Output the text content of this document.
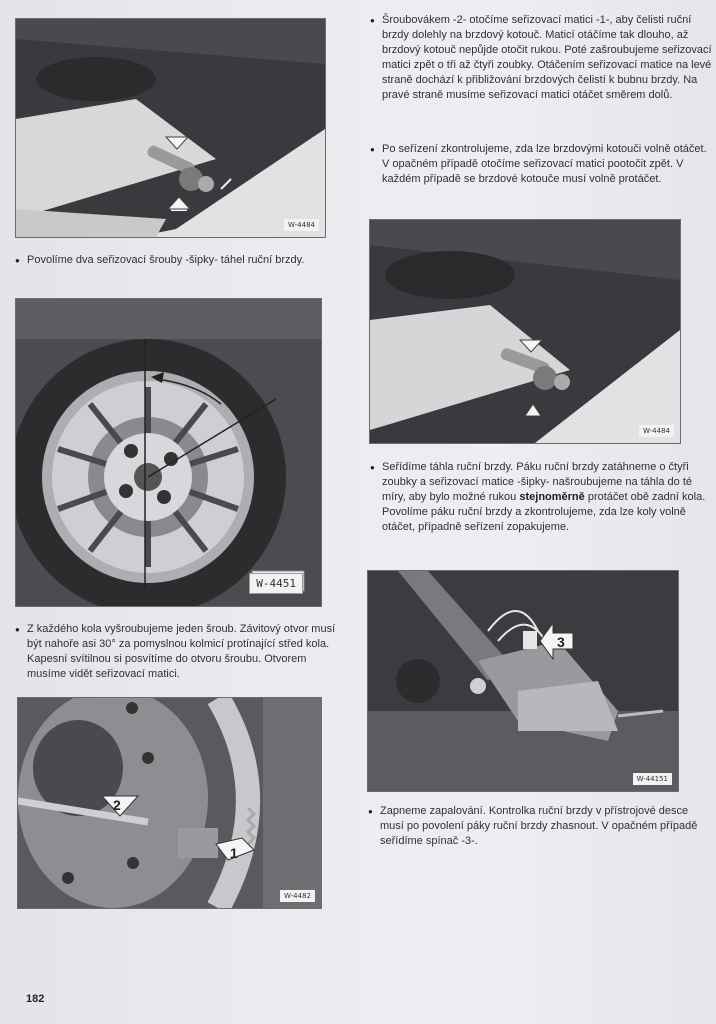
W-4484

● Povolíme dva seřizovací šrouby -šipky- táhel ruční brzdy.

W-4451

● Z každého kola vyšroubujeme jeden šroub. Závitový otvor musí být nahoře asi 30° za pomyslnou kolmicí protínající střed kola. Kapesní svítilnou si posvítíme do otvoru šroubu. Otvorem musíme vidět seřizovací matici.

2
1
W-4482

● Šroubovákem -2- otočíme seřizovací matici -1-, aby čelisti ruční brzdy dolehly na brzdový kotouč. Maticí otáčíme tak dlouho, až brzdový kotouč nepůjde otočit rukou. Poté zašroubujeme seřizovací matici zpět o tři až čtyři zoubky. Otáčením seřizovací matice na levé straně dochází k přibližování brzdových čelistí k bubnu brzdy. Na pravé straně musíme seřizovací matici otáčet směrem dolů.

● Po seřízení zkontrolujeme, zda lze brzdovými kotouči volně otáčet. V opačném případě otočíme seřizovací matici pootočit zpět. V každém případě se brzdové kotouče musí volně protáčet.

W-4484

● Seřídíme táhla ruční brzdy. Páku ruční brzdy zatáhneme o čtyři zoubky a seřizovací matice -šipky- našroubujeme na táhla do té míry, aby bylo možné rukou stejnoměrně protáčet obě zadní kola. Povolíme páku ruční brzdy a zkontrolujeme, zda lze koly volně otáčet, případně seřízení zopakujeme.

3
W-44151

● Zapneme zapalování. Kontrolka ruční brzdy v přístrojové desce musí po povolení páky ruční brzdy zhasnout. V opačném případě seřídíme spínač -3-.

182
